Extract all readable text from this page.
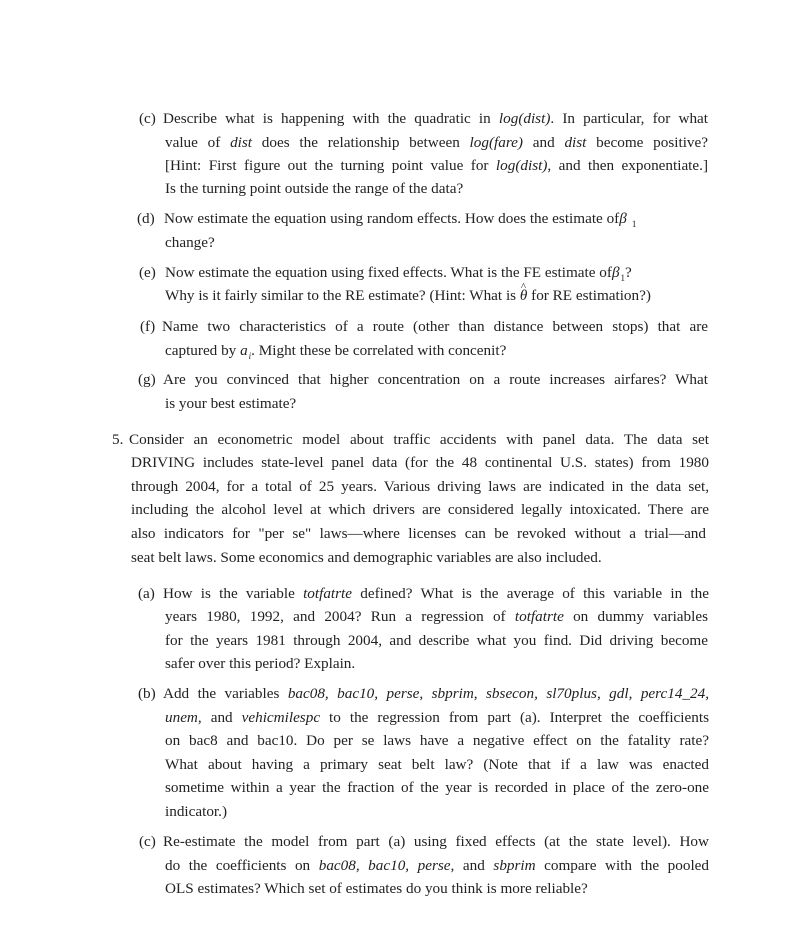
(c) Describe what is happening with the quadratic in log(dist). In particular, for what
value of dist does the relationship between log(fare) and dist become positive?
[Hint: First figure out the turning point value for log(dist), and then exponentiate.]
Is the turning point outside the range of the data?
(d) Now estimate the equation using random effects. How does the estimate ofβ $_1$
change?
(e) Now estimate the equation using fixed effects. What is the FE estimate ofβ$_1$?
Why is it fairly similar to the RE estimate? (Hint: What is ^ θ for RE estimation?)
(f) Name two characteristics of a route (other than distance between stops) that are
captured by $a_i$. Might these be correlated with concenit?
(g) Are you convinced that higher concentration on a route increases airfares? What
is your best estimate?
5. Consider an econometric model about traffic accidents with panel data. The data set
DRIVING includes state-level panel data (for the 48 continental U.S. states) from 1980
through 2004, for a total of 25 years. Various driving laws are indicated in the data set,
including the alcohol level at which drivers are considered legally intoxicated. There are
also indicators for "per se" laws—where licenses can be revoked without a trial—and
seat belt laws. Some economics and demographic variables are also included.
(a) How is the variable totfatrte defined? What is the average of this variable in the
years 1980, 1992, and 2004? Run a regression of totfatrte on dummy variables
for the years 1981 through 2004, and describe what you find. Did driving become
safer over this period? Explain.
(b) Add the variables bac08, bac10, perse, sbprim, sbsecon, sl70plus, gdl, perc14_24,
unem, and vehicmilespc to the regression from part (a). Interpret the coefficients
on bac8 and bac10. Do per se laws have a negative effect on the fatality rate?
What about having a primary seat belt law? (Note that if a law was enacted
sometime within a year the fraction of the year is recorded in place of the zero-one
indicator.)
(c) Re-estimate the model from part (a) using fixed effects (at the state level). How
do the coefficients on bac08, bac10, perse, and sbprim compare with the pooled
OLS estimates? Which set of estimates do you think is more reliable?
